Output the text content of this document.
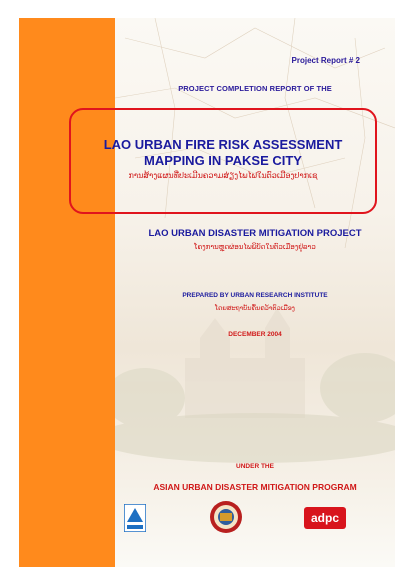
Project Report # 2
PROJECT COMPLETION REPORT OF THE
LAO URBAN FIRE RISK ASSESSMENT
MAPPING IN PAKSE CITY
ການສ້າງແຜນທີ່ປະເມີນຄວາມສ່ຽງໄພໄຟໃນຕົວເມືອງປາກເຊ
LAO URBAN DISASTER MITIGATION PROJECT
ໂຄງການຫຼຸດຜ່ອນໄພພິບັດໃນຕົວເມືອງຢູ່ລາວ
PREPARED BY URBAN RESEARCH INSTITUTE
ໂດຍສະຖາບັນຄົ້ນຄວ້າຕົວເມືອງ
DECEMBER 2004
UNDER THE
ASIAN URBAN DISASTER MITIGATION PROGRAM
adpc
